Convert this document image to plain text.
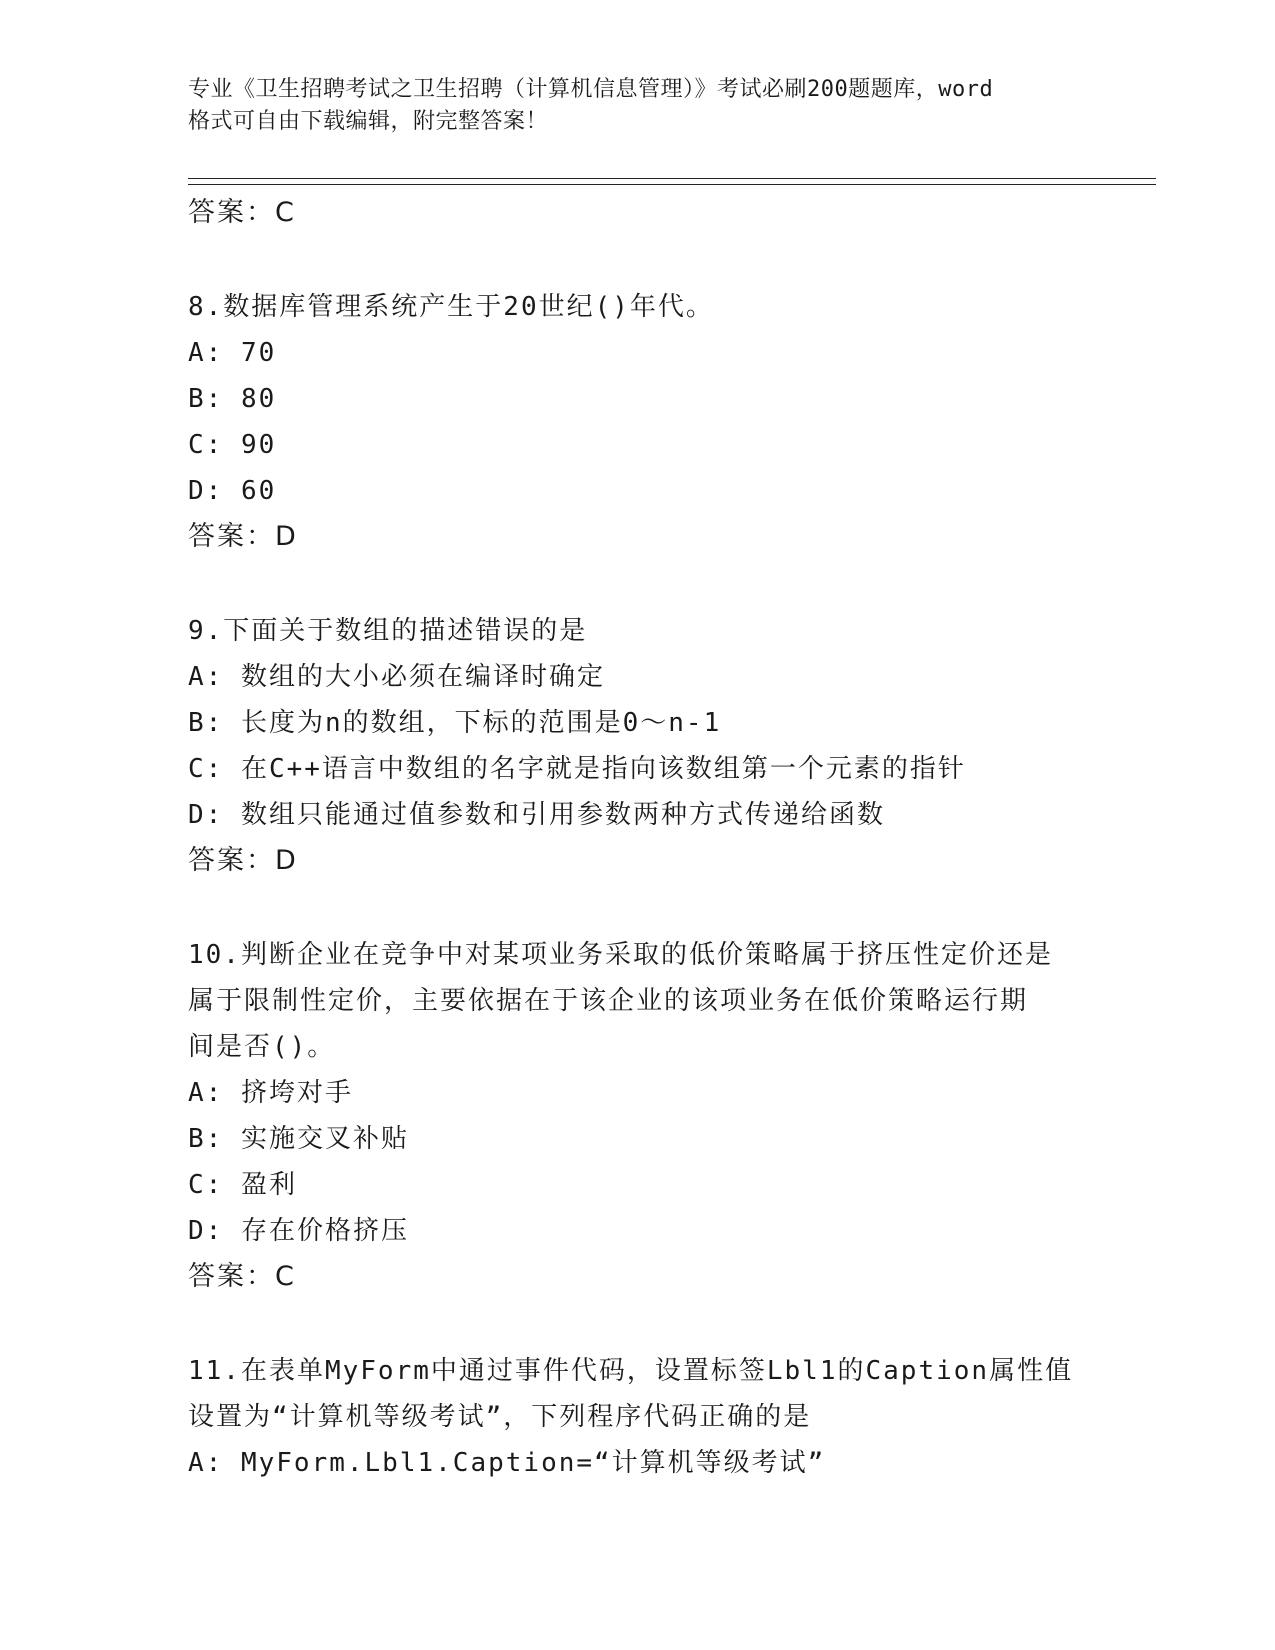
专业《卫生招聘考试之卫生招聘（计算机信息管理）》考试必刷200题题库，word
格式可自由下载编辑，附完整答案！
答案：C
8.数据库管理系统产生于20世纪()年代。
A: 70
B: 80
C: 90
D: 60
答案：D
9.下面关于数组的描述错误的是
A: 数组的大小必须在编译时确定
B: 长度为n的数组，下标的范围是0～n-1
C: 在C++语言中数组的名字就是指向该数组第一个元素的指针
D: 数组只能通过值参数和引用参数两种方式传递给函数
答案：D
10.判断企业在竞争中对某项业务采取的低价策略属于挤压性定价还是
属于限制性定价，主要依据在于该企业的该项业务在低价策略运行期
间是否()。
A: 挤垮对手
B: 实施交叉补贴
C: 盈利
D: 存在价格挤压
答案：C
11.在表单MyForm中通过事件代码，设置标签Lbl1的Caption属性值
设置为“计算机等级考试”，下列程序代码正确的是
A: MyForm.Lbl1.Caption=“计算机等级考试”
